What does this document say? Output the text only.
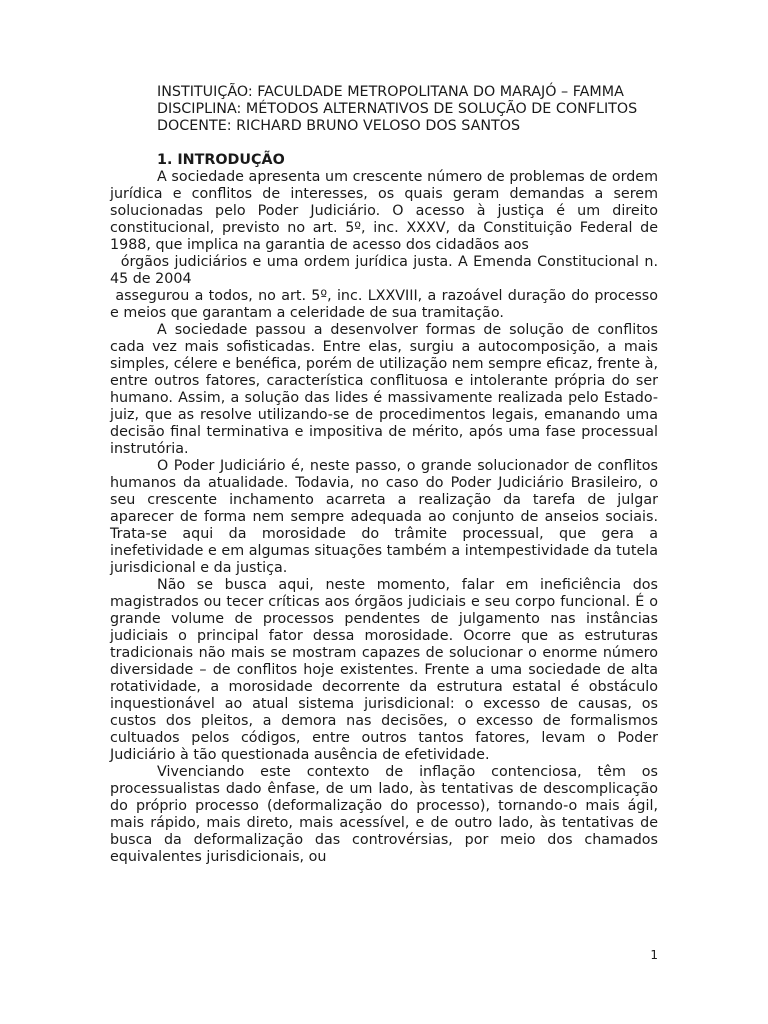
INSTITUIÇÃO: FACULDADE METROPOLITANA DO MARAJÓ – FAMMA

DISCIPLINA: MÉTODOS ALTERNATIVOS DE SOLUÇÃO DE CONFLITOS

DOCENTE: RICHARD BRUNO VELOSO DOS SANTOS

1. INTRODUÇÃO

A sociedade apresenta um crescente número de problemas de ordem jurídica e conflitos de interesses, os quais geram demandas a serem solucionadas pelo Poder Judiciário. O acesso à justiça é um direito constitucional, previsto no art. 5º, inc. XXXV, da Constituição Federal de 1988, que implica na garantia de acesso dos cidadãos aos

órgãos judiciários e uma ordem jurídica justa. A Emenda Constitucional n. 45 de 2004

assegurou a todos, no art. 5º, inc. LXXVIII, a razoável duração do processo e meios que garantam a celeridade de sua tramitação.

A sociedade passou a desenvolver formas de solução de conflitos cada vez mais sofisticadas. Entre elas, surgiu a autocomposição, a mais simples, célere e benéfica, porém de utilização nem sempre eficaz, frente à, entre outros fatores, característica conflituosa e intolerante própria do ser humano. Assim, a solução das lides é massivamente realizada pelo Estado-juiz, que as resolve utilizando-se de procedimentos legais, emanando uma decisão final terminativa e impositiva de mérito, após uma fase processual instrutória.

O Poder Judiciário é, neste passo, o grande solucionador de conflitos humanos da atualidade. Todavia, no caso do Poder Judiciário Brasileiro, o seu crescente inchamento acarreta a realização da tarefa de julgar aparecer de forma nem sempre adequada ao conjunto de anseios sociais. Trata-se aqui da morosidade do trâmite processual, que gera a inefetividade e em algumas situações também a intempestividade da tutela jurisdicional e da justiça.

Não se busca aqui, neste momento, falar em ineficiência dos magistrados ou tecer críticas aos órgãos judiciais e seu corpo funcional. É o grande volume de processos pendentes de julgamento nas instâncias judiciais o principal fator dessa morosidade. Ocorre que as estruturas tradicionais não mais se mostram capazes de solucionar o enorme número diversidade – de conflitos hoje existentes. Frente a uma sociedade de alta rotatividade, a morosidade decorrente da estrutura estatal é obstáculo inquestionável ao atual sistema jurisdicional: o excesso de causas, os custos dos pleitos, a demora nas decisões, o excesso de formalismos cultuados pelos códigos, entre outros tantos fatores, levam o Poder Judiciário à tão questionada ausência de efetividade.

Vivenciando este contexto de inflação contenciosa, têm os processualistas dado ênfase, de um lado, às tentativas de descomplicação do próprio processo (deformalização do processo), tornando-o mais ágil, mais rápido, mais direto, mais acessível, e de outro lado, às tentativas de busca da deformalização das controvérsias, por meio dos chamados equivalentes jurisdicionais, ou

1
